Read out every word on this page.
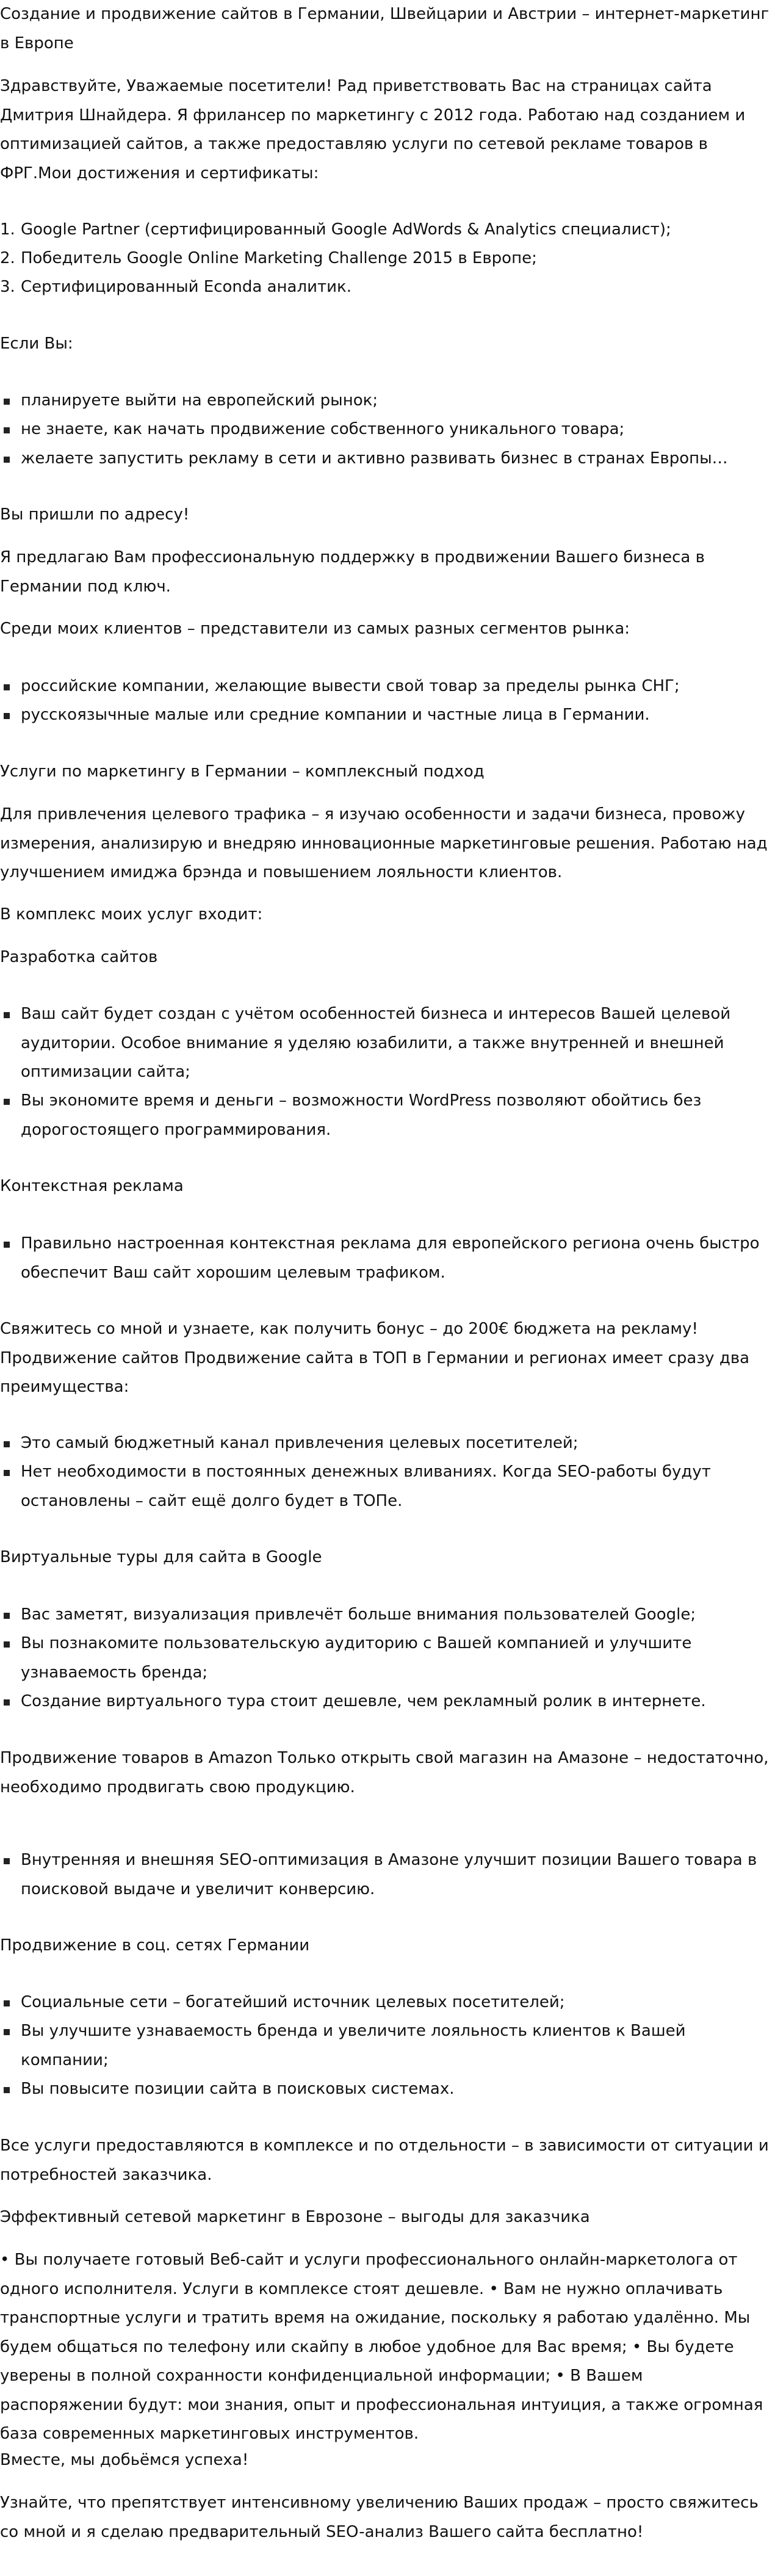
Создание и продвижение сайтов в Германии, Швейцарии и Австрии – интернет-маркетинг в Европе

Здравствуйте, Уважаемые посетители! Рад приветствовать Вас на страницах сайта Дмитрия Шнайдера. Я фрилансер по маркетингу с 2012 года. Работаю над созданием и оптимизацией сайтов, а также предоставляю услуги по сетевой рекламе товаров в ФРГ.Мои достижения и сертификаты:

1. Google Partner (сертифицированный Google AdWords & Analytics специалист);

2. Победитель Google Online Marketing Challenge 2015 в Европе;

3. Сертифицированный Econda аналитик.

Если Вы:

планируете выйти на европейский рынок;

не знаете, как начать продвижение собственного уникального товара;

желаете запустить рекламу в сети и активно развивать бизнес в странах Европы…

Вы пришли по адресу!

Я предлагаю Вам профессиональную поддержку в продвижении Вашего бизнеса в Германии под ключ.

Среди моих клиентов – представители из самых разных сегментов рынка:

российские компании, желающие вывести свой товар за пределы рынка СНГ;

русскоязычные малые или средние компании и частные лица в Германии.

Услуги по маркетингу в Германии – комплексный подход

Для привлечения целевого трафика – я изучаю особенности и задачи бизнеса, провожу измерения, анализирую и внедряю инновационные маркетинговые решения. Работаю над улучшением имиджа брэнда и повышением лояльности клиентов.

В комплекс моих услуг входит:

Разработка сайтов

Ваш сайт будет создан с учётом особенностей бизнеса и интересов Вашей целевой аудитории. Особое внимание я уделяю юзабилити, а также внутренней и внешней оптимизации сайта;

Вы экономите время и деньги – возможности WordPress позволяют обойтись без дорогостоящего программирования.

Контекстная реклама

Правильно настроенная контекстная реклама для европейского региона очень быстро обеспечит Ваш сайт хорошим целевым трафиком.

Свяжитесь со мной и узнаете, как получить бонус – до 200€ бюджета на рекламу! Продвижение сайтов Продвижение сайта в ТОП в Германии и регионах имеет сразу два преимущества:

Это самый бюджетный канал привлечения целевых посетителей;

Нет необходимости в постоянных денежных вливаниях. Когда SEO-работы будут остановлены – сайт ещё долго будет в ТОПе.

Виртуальные туры для сайта в Google

Вас заметят, визуализация привлечёт больше внимания пользователей Google;

Вы познакомите пользовательскую аудиторию с Вашей компанией и улучшите узнаваемость бренда;

Создание виртуального тура стоит дешевле, чем рекламный ролик в интернете.

Продвижение товаров в Amazon Только открыть свой магазин на Амазоне – недостаточно, необходимо продвигать свою продукцию.

Внутренняя и внешняя SEO-оптимизация в Амазоне улучшит позиции Вашего товара в поисковой выдаче и увеличит конверсию.

Продвижение в соц. сетях Германии

Социальные сети – богатейший источник целевых посетителей;

Вы улучшите узнаваемость бренда и увеличите лояльность клиентов к Вашей компании;

Вы повысите позиции сайта в поисковых системах.

Все услуги предоставляются в комплексе и по отдельности – в зависимости от ситуации и потребностей заказчика.

Эффективный сетевой маркетинг в Еврозоне – выгоды для заказчика

• Вы получаете готовый Веб-сайт и услуги профессионального онлайн-маркетолога от одного исполнителя. Услуги в комплексе стоят дешевле. • Вам не нужно оплачивать транспортные услуги и тратить время на ожидание, поскольку я работаю удалённо. Мы будем общаться по телефону или скайпу в любое удобное для Вас время; • Вы будете уверены в полной сохранности конфиденциальной информации; • В Вашем распоряжении будут: мои знания, опыт и профессиональная интуиция, а также огромная база современных маркетинговых инструментов.

Вместе, мы добьёмся успеха!

Узнайте, что препятствует интенсивному увеличению Ваших продаж – просто свяжитесь со мной и я сделаю предварительный SEO-анализ Вашего сайта бесплатно!
